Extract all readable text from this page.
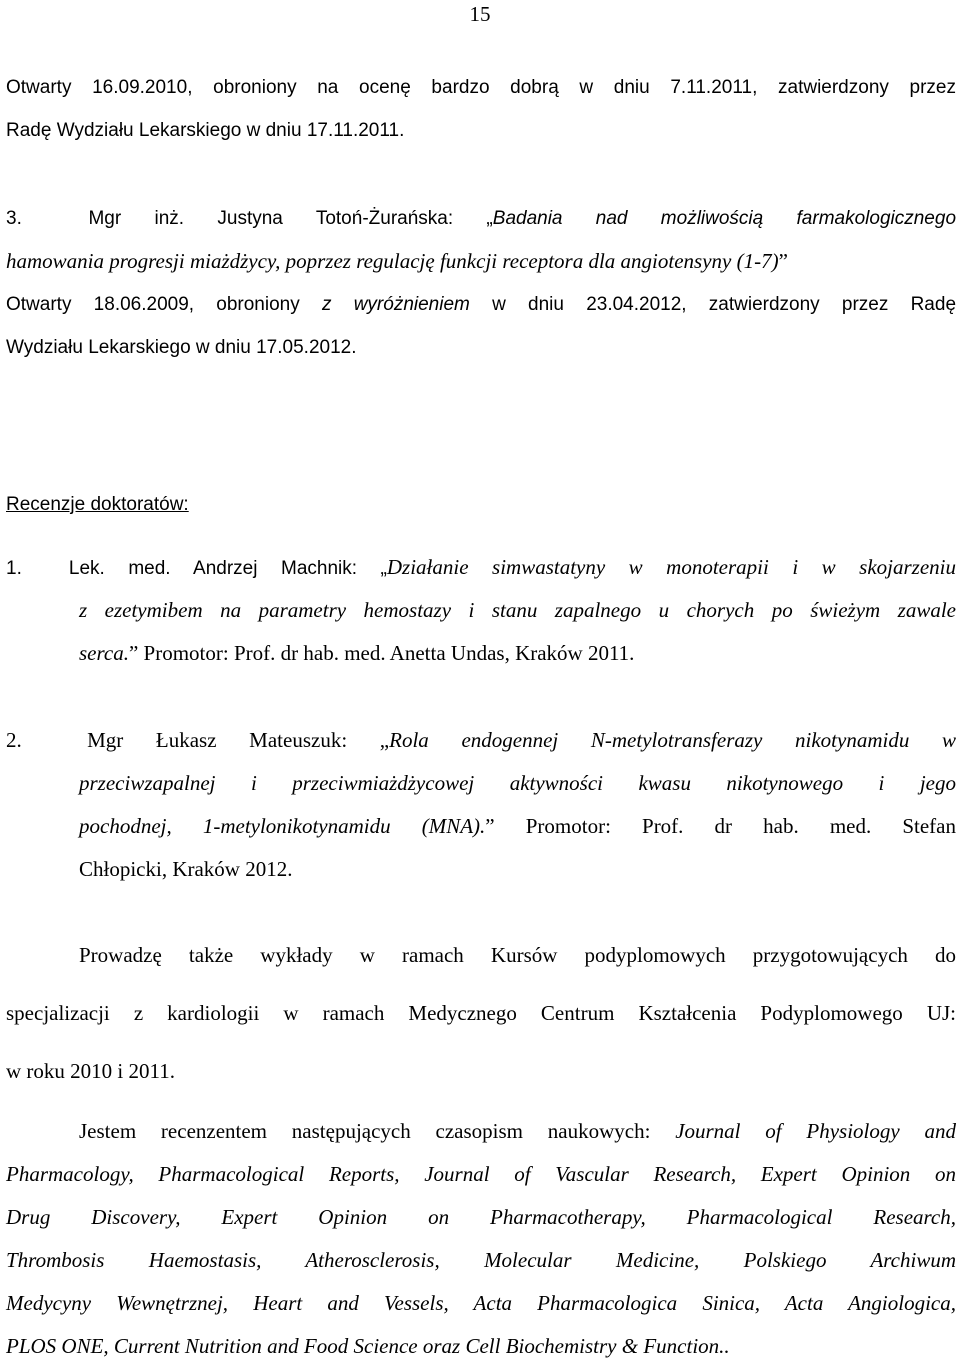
15
Otwarty 16.09.2010, obroniony na ocenę bardzo dobrą w dniu 7.11.2011, zatwierdzony przez
Radę Wydziału Lekarskiego w dniu 17.11.2011.
3.	Mgr inż. Justyna Totoń-Żurańska: „Badania nad możliwością farmakologicznego
hamowania progresji miażdżycy, poprzez regulację funkcji receptora dla angiotensyny (1-7)”
Otwarty 18.06.2009, obroniony z wyróżnieniem w dniu 23.04.2012, zatwierdzony przez Radę
Wydziału Lekarskiego w dniu 17.05.2012.
Recenzje doktoratów:
1. Lek. med. Andrzej Machnik: „Działanie simwastatyny w monoterapii i w skojarzeniu
z ezetymibem na parametry hemostazy i stanu zapalnego u chorych po świeżym zawale
serca.” Promotor: Prof. dr hab. med. Anetta Undas, Kraków 2011.
2.	Mgr Łukasz Mateuszuk: „Rola endogennej N-metylotransferazy nikotynamidu w
przeciwzapalnej i przeciwmiażdżycowej aktywności kwasu nikotynowego i jego
pochodnej, 1-metylonikotynamidu (MNA).” Promotor: Prof. dr hab. med. Stefan
Chłopicki, Kraków 2012.
Prowadzę także wykłady w ramach Kursów podyplomowych przygotowujących do
specjalizacji z kardiologii w ramach Medycznego Centrum Kształcenia Podyplomowego UJ:
w roku 2010 i 2011.
Jestem recenzentem następujących czasopism naukowych: Journal of Physiology and
Pharmacology, Pharmacological Reports, Journal of Vascular Research, Expert Opinion on
Drug Discovery, Expert Opinion on Pharmacotherapy, Pharmacological Research,
Thrombosis Haemostasis, Atherosclerosis, Molecular Medicine, Polskiego Archiwum
Medycyny Wewnętrznej, Heart and Vessels, Acta Pharmacologica Sinica, Acta Angiologica,
PLOS ONE, Current Nutrition and Food Science oraz Cell Biochemistry & Function..
